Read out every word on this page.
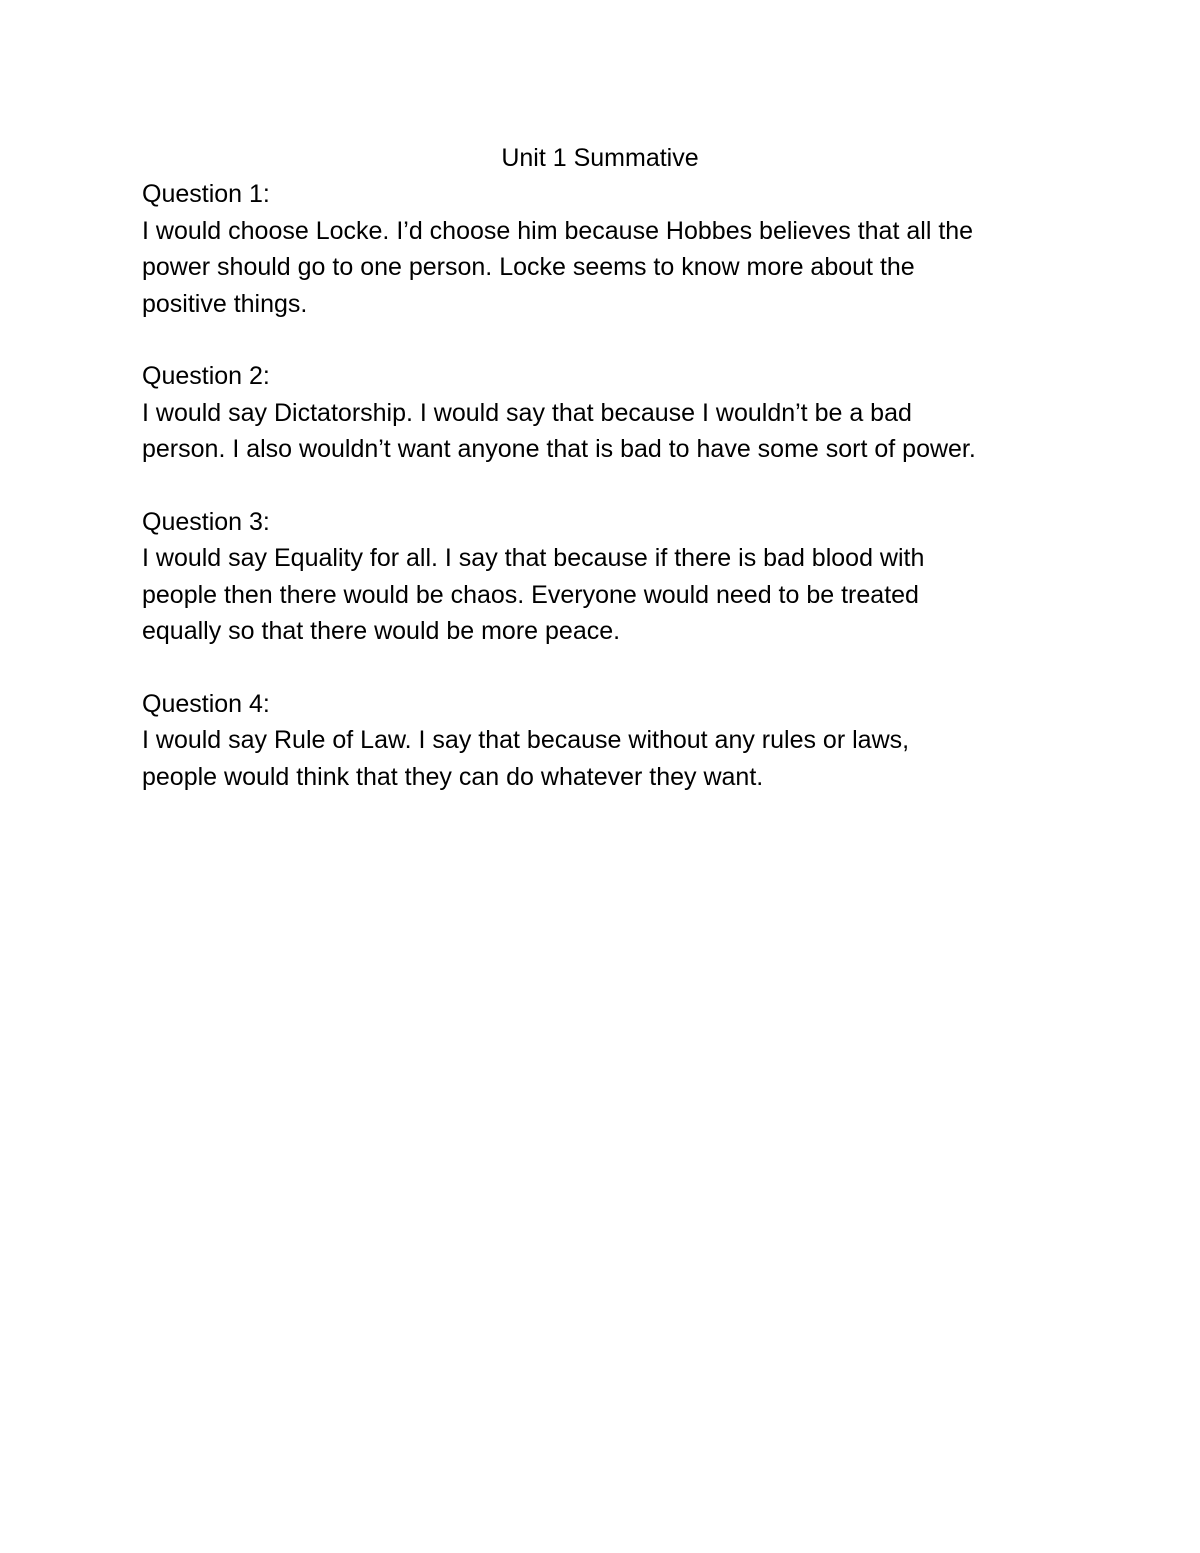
Unit 1 Summative
Question 1:
I would choose Locke. I’d choose him because Hobbes believes that all the
power should go to one person. Locke seems to know more about the
positive things.
Question 2:
I would say Dictatorship. I would say that because I wouldn’t be a bad
person. I also wouldn’t want anyone that is bad to have some sort of power.
Question 3:
I would say Equality for all. I say that because if there is bad blood with
people then there would be chaos. Everyone would need to be treated
equally so that there would be more peace.
Question 4:
I would say Rule of Law. I say that because without any rules or laws,
people would think that they can do whatever they want.
